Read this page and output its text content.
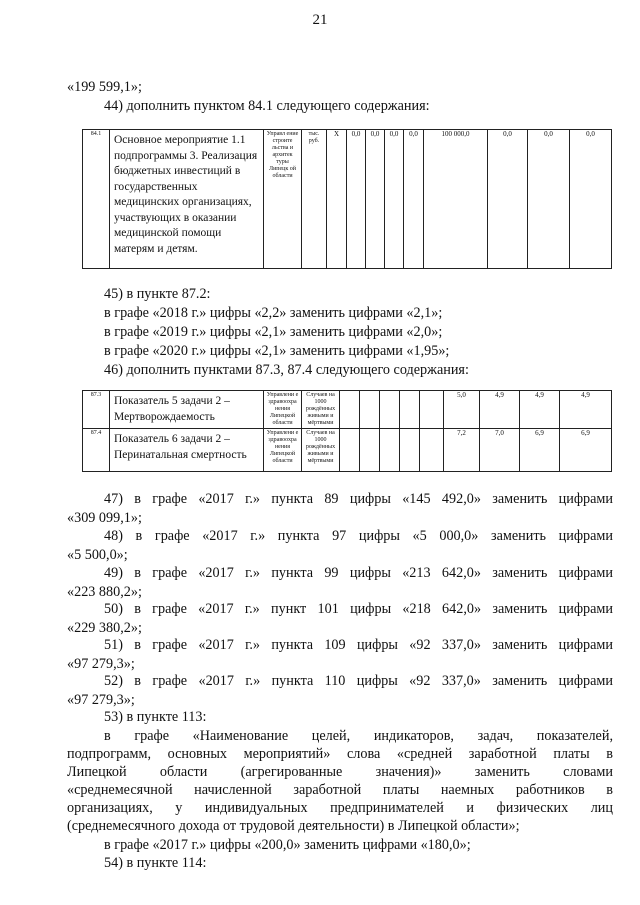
21
«199 599,1»;
44) дополнить пунктом 84.1 следующего содержания:
84.1	Основное мероприятие 1.1 подпрограммы 3. Реализация бюджетных инвестиций в государственных медицинских организациях, участвующих в оказании медицинской помощи матерям и детям.	Управл ение строите льства и архитек туры Липецк ой области	тыс. руб.	Х	0,0	0,0	0,0	0,0	100 000,0	0,0	0,0	0,0
45) в пункте 87.2:
в графе «2018 г.» цифры «2,2» заменить цифрами «2,1»;
в графе «2019 г.» цифры «2,1» заменить цифрами «2,0»;
в графе «2020 г.» цифры «2,1» заменить цифрами «1,95»;
46) дополнить пунктами 87.3, 87.4 следующего содержания:
87.3	Показатель 5 задачи 2 – Мертворождаемость	Управлени е здравоохра нения Липецкой области	Случаев на 1000 рождённых живыми и мёртвыми						5,0	4,9	4,9	4,9
87.4	Показатель 6 задачи 2 – Перинатальная смертность	Управлени е здравоохра нения Липецкой области	Случаев на 1000 рождённых живыми и мёртвыми						7,2	7,0	6,9	6,9
47) в графе «2017 г.» пункта 89 цифры «145 492,0» заменить цифрами
«309 099,1»;
48) в графе «2017 г.» пункта 97 цифры «5 000,0» заменить цифрами
«5 500,0»;
49) в графе «2017 г.» пункта 99 цифры «213 642,0» заменить цифрами
«223 880,2»;
50) в графе «2017 г.» пункт 101 цифры «218 642,0» заменить цифрами
«229 380,2»;
51) в графе «2017 г.» пункта 109 цифры «92 337,0» заменить цифрами
«97 279,3»;
52) в графе «2017 г.» пункта 110 цифры «92 337,0» заменить цифрами
«97 279,3»;
53) в пункте 113:
в графе «Наименование целей, индикаторов, задач, показателей,
подпрограмм, основных мероприятий» слова «средней заработной платы в
Липецкой области (агрегированные значения)» заменить словами
«среднемесячной начисленной заработной платы наемных работников в
организациях, у индивидуальных предпринимателей и физических лиц
(среднемесячного дохода от трудовой деятельности) в Липецкой области»;
в графе «2017 г.» цифры «200,0» заменить цифрами «180,0»;
54) в пункте 114:
